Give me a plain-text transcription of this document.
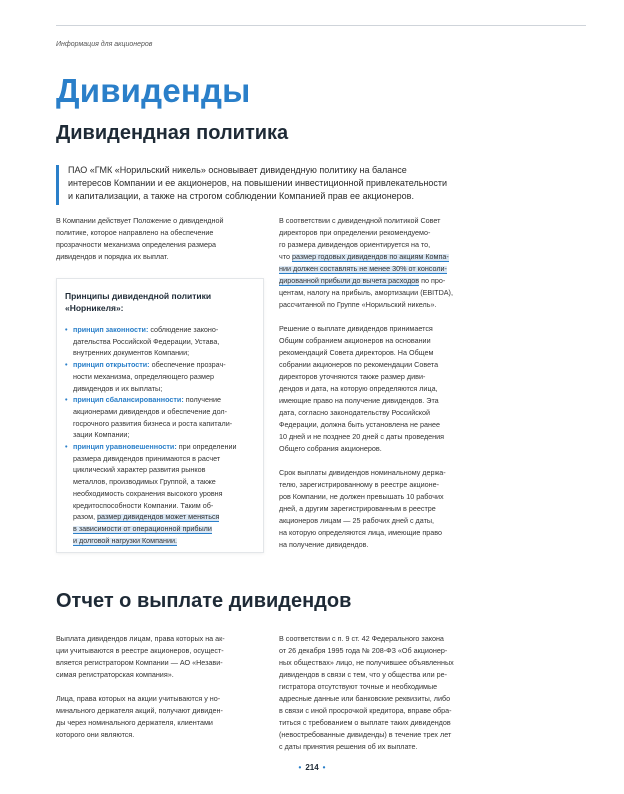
Информация для акционеров
Дивиденды
Дивидендная политика
ПАО «ГМК «Норильский никель» основывает дивидендную политику на балансе
интересов Компании и ее акционеров, на повышении инвестиционной привлекательности
и капитализации, а также на строгом соблюдении Компанией прав ее акционеров.
В Компании действует Положение о дивидендной
политике, которое направлено на обеспечение
прозрачности механизма определения размера
дивидендов и порядка их выплат.
Принципы дивидендной политики
«Норникеля»:
• принцип законности: соблюдение законо-
дательства Российской Федерации, Устава,
внутренних документов Компании;
• принцип открытости: обеспечение прозрач-
ности механизма, определяющего размер
дивидендов и их выплаты;
• принцип сбалансированности: получение
акционерами дивидендов и обеспечение дол-
госрочного развития бизнеса и роста капитали-
зации Компании;
• принцип уравновешенности: при определении
размера дивидендов принимаются в расчет
циклический характер развития рынков
металлов, производимых Группой, а также
необходимость сохранения высокого уровня
кредитоспособности Компании. Таким об-
разом, размер дивидендов может меняться
в зависимости от операционной прибыли
и долговой нагрузки Компании.
В соответствии с дивидендной политикой Совет
директоров при определении рекомендуемо-
го размера дивидендов ориентируется на то,
что размер годовых дивидендов по акциям Компа-
нии должен составлять не менее 30% от консоли-
дированной прибыли до вычета расходов по про-
центам, налогу на прибыль, амортизации (EBITDA),
рассчитанной по Группе «Норильский никель».
Решение о выплате дивидендов принимается
Общим собранием акционеров на основании
рекомендаций Совета директоров. На Общем
собрании акционеров по рекомендации Совета
директоров уточняются также размер диви-
дендов и дата, на которую определяются лица,
имеющие право на получение дивидендов. Эта
дата, согласно законодательству Российской
Федерации, должна быть установлена не ранее
10 дней и не позднее 20 дней с даты проведения
Общего собрания акционеров.
Срок выплаты дивидендов номинальному держа-
телю, зарегистрированному в реестре акционе-
ров Компании, не должен превышать 10 рабочих
дней, а другим зарегистрированным в реестре
акционеров лицам — 25 рабочих дней с даты,
на которую определяются лица, имеющие право
на получение дивидендов.
Отчет о выплате дивидендов
Выплата дивидендов лицам, права которых на ак-
ции учитываются в реестре акционеров, осущест-
вляется регистратором Компании — АО «Незави-
симая регистраторская компания».
Лица, права которых на акции учитываются у но-
минального держателя акций, получают дивиден-
ды через номинального держателя, клиентами
которого они являются.
В соответствии с п. 9 ст. 42 Федерального закона
от 26 декабря 1995 года № 208-ФЗ «Об акционер-
ных обществах» лицо, не получившее объявленных
дивидендов в связи с тем, что у общества или ре-
гистратора отсутствуют точные и необходимые
адресные данные или банковские реквизиты, либо
в связи с иной просрочкой кредитора, вправе обра-
титься с требованием о выплате таких дивидендов
(невостребованные дивиденды) в течение трех лет
с даты принятия решения об их выплате.
• 214 •
